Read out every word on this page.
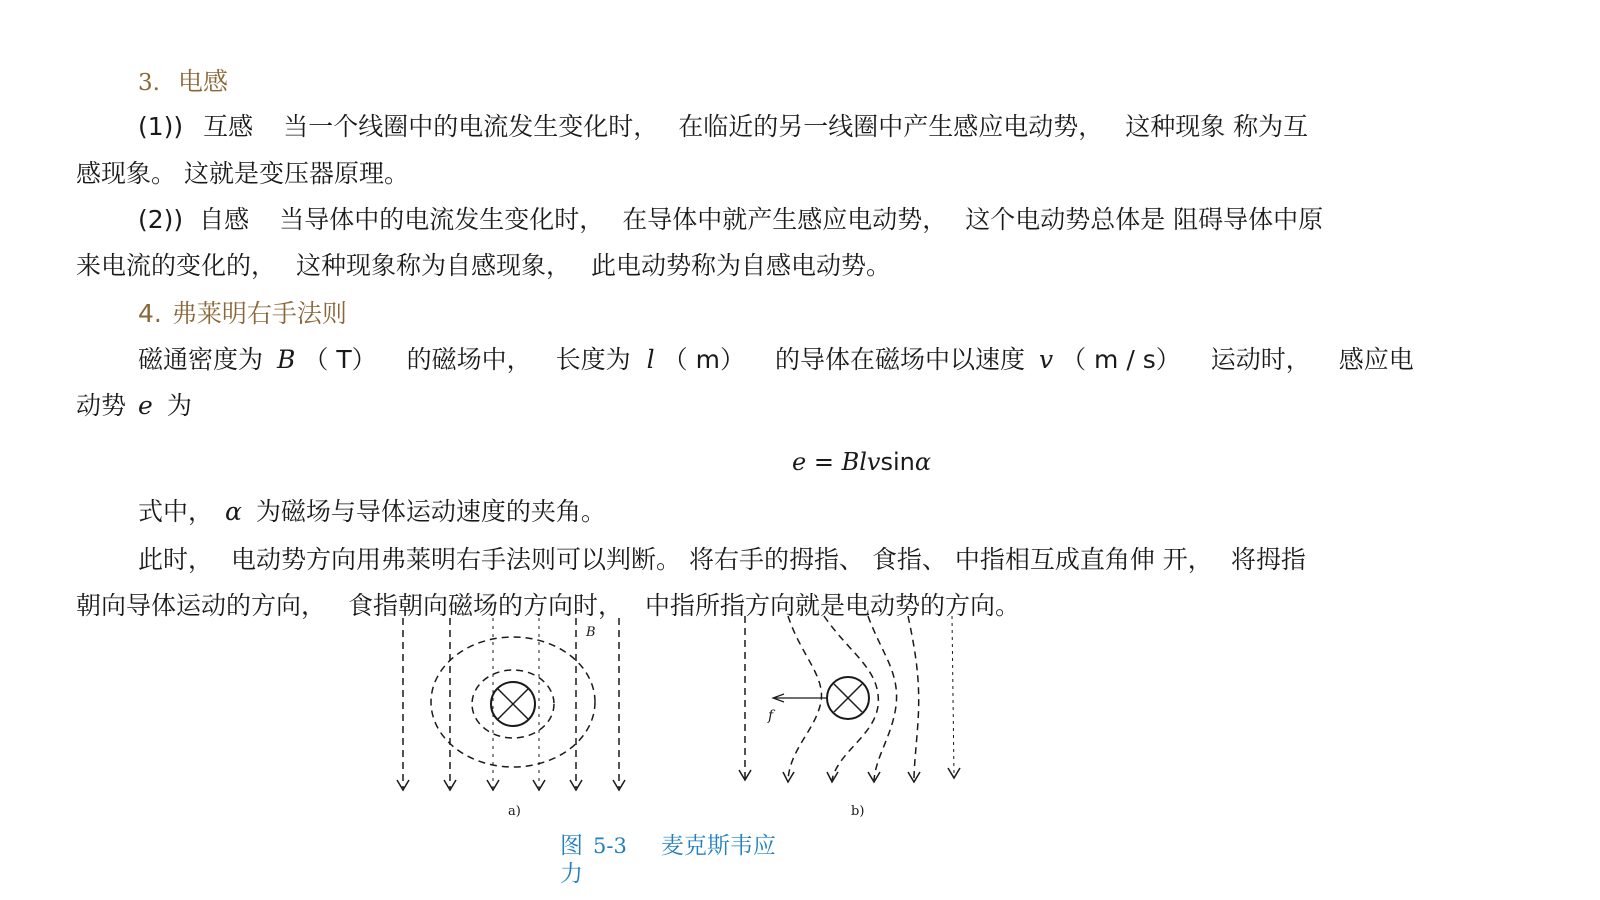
3. 电感
(1)) 互感 当一个线圈中的电流发生变化时， 在临近的另一线圈中产生感应电动势， 这种现象 称为互
感现象。 这就是变压器原理。
(2)) 自感 当导体中的电流发生变化时， 在导体中就产生感应电动势， 这个电动势总体是 阻碍导体中原
来电流的变化的， 这种现象称为自感现象， 此电动势称为自感电动势。
4. 弗莱明右手法则
磁通密度为 B （ T） 的磁场中， 长度为 l （ m） 的导体在磁场中以速度 v （ m / s） 运动时， 感应电
动势 e 为
e = Blvsinα
式中， α 为磁场与导体运动速度的夹角。
此时， 电动势方向用弗莱明右手法则可以判断。 将右手的拇指、 食指、 中指相互成直角伸 开， 将拇指
朝向导体运动的方向， 食指朝向磁场的方向时， 中指所指方向就是电动势的方向。
B
f
a)	b)
图 5-3 麦克斯韦应
力
